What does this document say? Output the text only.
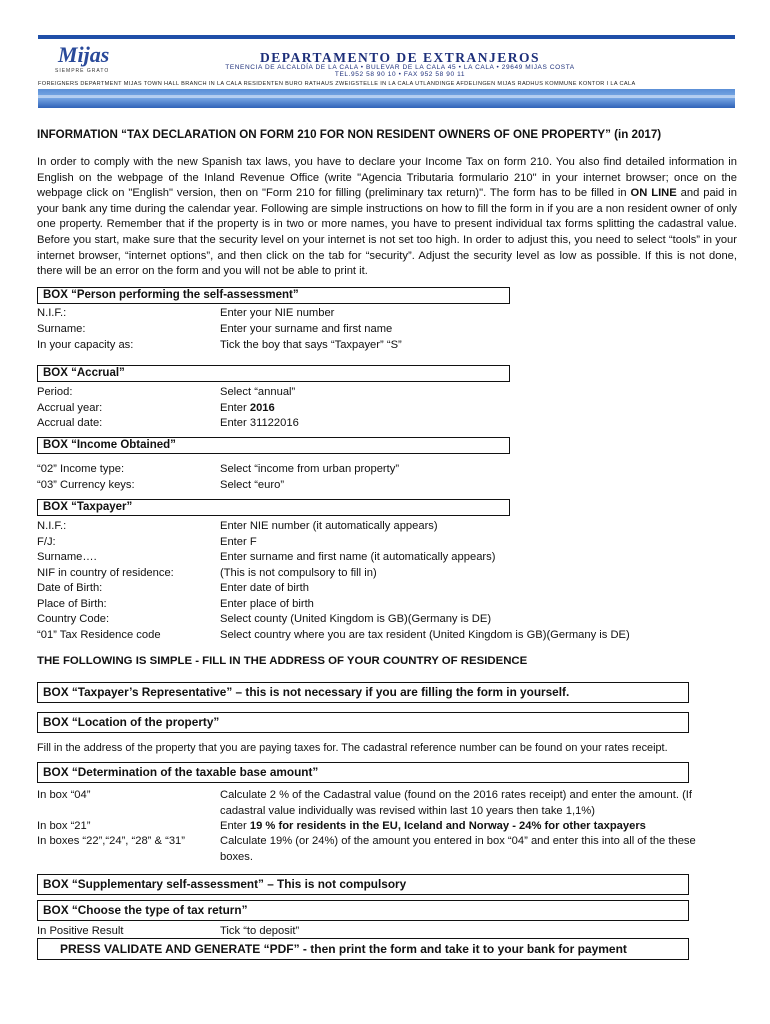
Mijas
SIEMPRE GRATO
DEPARTAMENTO DE EXTRANJEROS
TENENCIA DE ALCALDÍA DE LA CALA • BULEVAR DE LA CALA 45 • LA CALA • 29649 MIJAS COSTA
TEL.952 58 90 10 • FAX 952 58 90 11
FOREIGNERS DEPARTMENT MIJAS TOWN HALL BRANCH IN LA CALA RESIDENTEN BÜRO RATHAUS ZWEIGSTELLE IN LA CALA UTLÄNDINGE AFDELINGEN MIJAS RÅDHUS KOMMUNE KONTOR I LA CALA
INFORMATION “TAX DECLARATION ON FORM 210 FOR NON RESIDENT OWNERS OF ONE PROPERTY” (in 2017)
In order to comply with the new Spanish tax laws, you have to declare your Income Tax on form 210. You also find detailed information in English on the webpage of the Inland Revenue Office (write "Agencia Tributaria formulario 210" in your internet browser; once on the webpage click on "English" version, then on "Form 210 for filling (preliminary tax return)". The form has to be filled in ON LINE and paid in your bank any time during the calendar year. Following are simple instructions on how to fill the form in if you are a non resident owner of only one property. Remember that if the property is in two or more names, you have to present individual tax forms splitting the cadastral value. Before you start, make sure that the security level on your internet is not set too high. In order to adjust this, you need to select “tools” in your internet browser, “internet options”, and then click on the tab for “security”. Adjust the security level as low as possible. If this is not done, there will be an error on the form and you will not be able to print it.
BOX “Person performing the self-assessment”
N.I.F.:	Enter your NIE number
Surname:	Enter your surname and first name
In your capacity as:	Tick the boy that says “Taxpayer” “S”
BOX “Accrual”
Period:	Select “annual”
Accrual year:	Enter 2016
Accrual date:	Enter 31122016
BOX “Income Obtained”
“02” Income type:	Select “income from urban property”
“03” Currency keys:	Select “euro”
BOX “Taxpayer”
N.I.F.:	Enter NIE number (it automatically appears)
F/J:	Enter F
Surname….	Enter surname and first name (it automatically appears)
NIF in country of residence:	(This is not compulsory to fill in)
Date of Birth:	Enter date of birth
Place of Birth:	Enter place of birth
Country Code:	Select county (United Kingdom is GB)(Germany is DE)
“01” Tax Residence code	Select country where you are tax resident (United Kingdom is GB)(Germany is DE)
THE FOLLOWING IS SIMPLE - FILL IN THE ADDRESS OF YOUR COUNTRY OF RESIDENCE
BOX “Taxpayer’s Representative” – this is not necessary if you are filling the form in yourself.
BOX “Location of the property”
Fill in the address of the property that you are paying taxes for. The cadastral reference number can be found on your rates receipt.
BOX “Determination of the taxable base amount”
In box “04”	Calculate 2 % of the Cadastral value (found on the 2016 rates receipt) and enter the amount. (If cadastral value individually was revised within last 10 years then take 1,1%)
In box “21”	Enter 19 % for residents in the EU, Iceland and Norway - 24% for other taxpayers
In boxes “22”,“24”, “28” & “31”	Calculate 19% (or 24%) of the amount you entered in box “04” and enter this into all of the these boxes.
BOX “Supplementary self-assessment” – This is not compulsory
BOX “Choose the type of tax return”
In Positive Result	Tick “to deposit”
PRESS VALIDATE AND GENERATE “PDF” - then print the form and take it to your bank for payment
